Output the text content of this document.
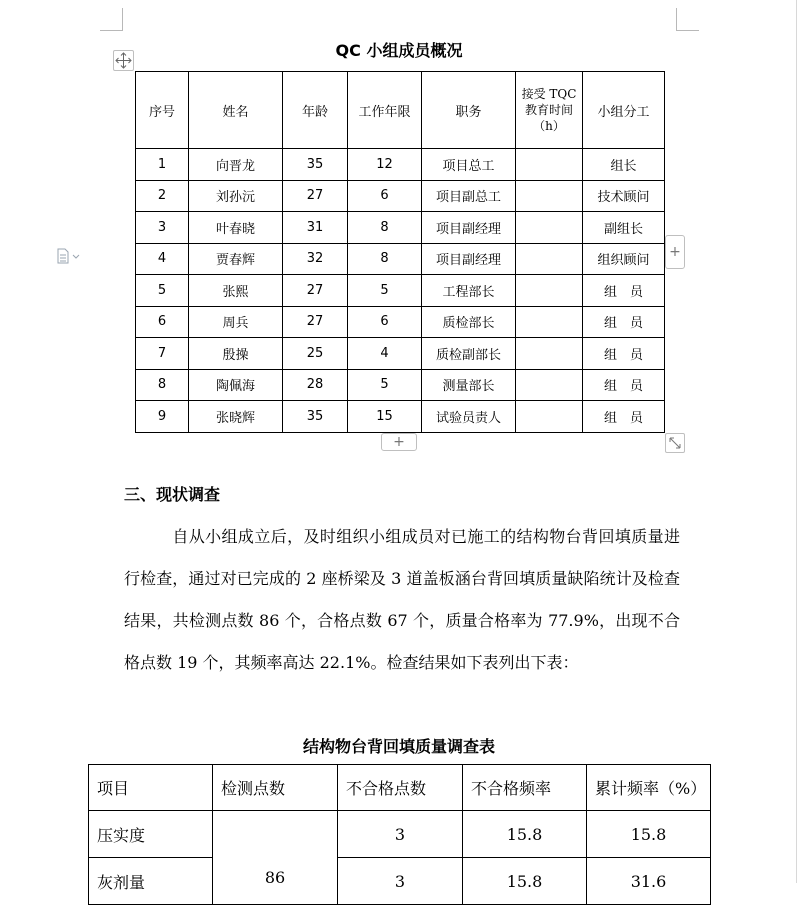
QC 小组成员概况
序号	姓名	年龄	工作年限	职务	接受 TQC 教育时间（h）	小组分工
1	向晋龙	35	12	项目总工		组长
2	刘孙沅	27	6	项目副总工		技术顾问
3	叶春晓	31	8	项目副经理		副组长
4	贾春辉	32	8	项目副经理		组织顾问
5	张熙	27	5	工程部长		组　员
6	周兵	27	6	质检部长		组　员
7	殷操	25	4	质检副部长		组　员
8	陶佩海	28	5	测量部长		组　员
9	张晓辉	35	15	试验员责人		组　员
+
+
三、现状调查
自从小组成立后，及时组织小组成员对已施工的结构物台背回填质量进行检查，通过对已完成的 2 座桥梁及 3 道盖板涵台背回填质量缺陷统计及检查结果，共检测点数 86 个，合格点数 67 个，质量合格率为 77.9%，出现不合格点数 19 个，其频率高达 22.1%。检查结果如下表列出下表：
结构物台背回填质量调查表
项目	检测点数	不合格点数	不合格频率	累计频率（%）
压实度	86	3	15.8	15.8
灰剂量		3	15.8	31.6
